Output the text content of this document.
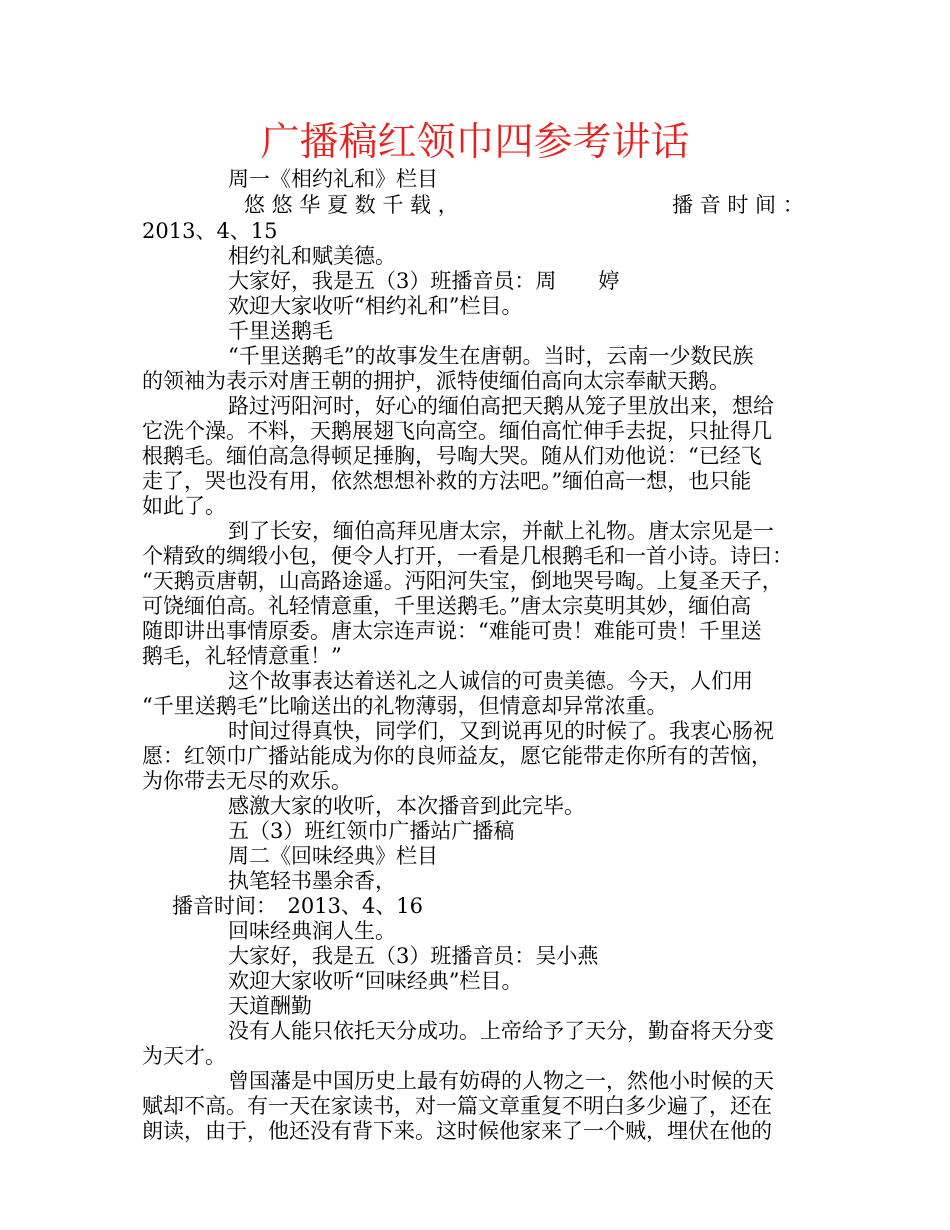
广播稿红领巾四参考讲话
周一《相约礼和》栏目
悠 悠 华 夏 数 千 载 ，	播 音 时 间 ：
2013、4、15
相约礼和赋美德。
大家好，我是五（3）班播音员：周　　婷
欢迎大家收听“相约礼和”栏目。
千里送鹅毛
“千里送鹅毛”的故事发生在唐朝。当时，云南一少数民族
的领袖为表示对唐王朝的拥护，派特使缅伯高向太宗奉献天鹅。
路过沔阳河时，好心的缅伯高把天鹅从笼子里放出来，想给
它洗个澡。不料，天鹅展翅飞向高空。缅伯高忙伸手去捉，只扯得几
根鹅毛。缅伯高急得顿足捶胸，号啕大哭。随从们劝他说：“已经飞
走了，哭也没有用，依然想想补救的方法吧。”缅伯高一想，也只能
如此了。
到了长安，缅伯高拜见唐太宗，并献上礼物。唐太宗见是一
个精致的绸缎小包，便令人打开，一看是几根鹅毛和一首小诗。诗曰：
“天鹅贡唐朝，山高路途遥。沔阳河失宝，倒地哭号啕。上复圣天子，
可饶缅伯高。礼轻情意重，千里送鹅毛。”唐太宗莫明其妙，缅伯高
随即讲出事情原委。唐太宗连声说：“难能可贵！难能可贵！千里送
鹅毛，礼轻情意重！”
这个故事表达着送礼之人诚信的可贵美德。今天，人们用
“千里送鹅毛”比喻送出的礼物薄弱，但情意却异常浓重。
时间过得真快，同学们，又到说再见的时候了。我衷心肠祝
愿：红领巾广播站能成为你的良师益友，愿它能带走你所有的苦恼，
为你带去无尽的欢乐。
感激大家的收听，本次播音到此完毕。
五（3）班红领巾广播站广播稿
周二《回味经典》栏目
执笔轻书墨余香，
播音时间：　2013、4、16
回味经典润人生。
大家好，我是五（3）班播音员：吴小燕
欢迎大家收听“回味经典”栏目。
天道酬勤
没有人能只依托天分成功。上帝给予了天分，勤奋将天分变
为天才。
曾国藩是中国历史上最有妨碍的人物之一，然他小时候的天
赋却不高。有一天在家读书，对一篇文章重复不明白多少遍了，还在
朗读，由于，他还没有背下来。这时候他家来了一个贼，埋伏在他的
